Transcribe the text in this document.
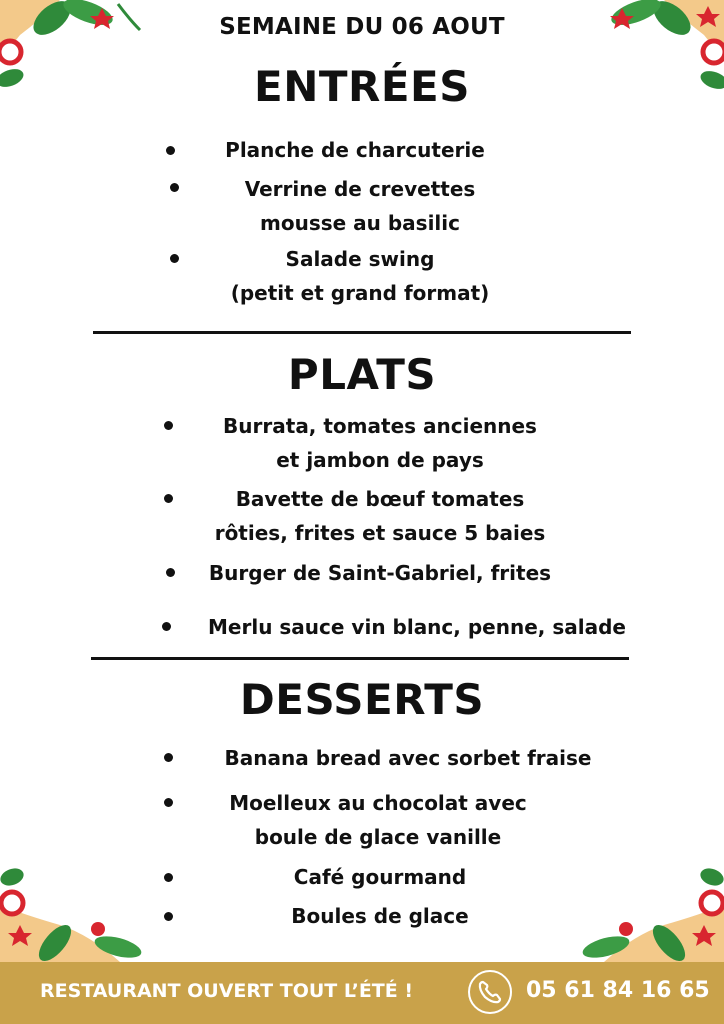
SEMAINE DU 06 AOUT
ENTRÉES
Planche de charcuterie
Verrine de crevettes
mousse au basilic
Salade swing
(petit et grand format)
PLATS
Burrata, tomates anciennes
et jambon de pays
Bavette de bœuf tomates
rôties, frites et sauce 5 baies
Burger de Saint-Gabriel, frites
Merlu sauce vin blanc, penne, salade
DESSERTS
Banana bread avec sorbet fraise
Moelleux au chocolat avec
boule de glace vanille
Café gourmand
Boules de glace
RESTAURANT OUVERT TOUT L’ÉTÉ !	05 61 84 16 65
